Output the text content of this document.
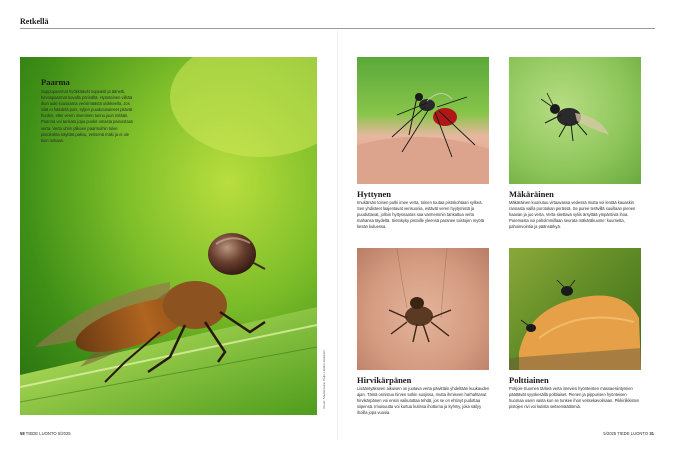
Retkellä
Paarma
Suppupaarmat hyökkäävät nopeasti ja äänetti, hevospaarmat kovalla pörinällä. Hyönteinen viiltää ihon auki suusaarna verisimäästä ulokkeella. Jos siitä ei häädetä pois, syljen puudutusaineet pitävät huolen, ettei veren imeminen tunnu juuri mitään. Paarma voi tankata jopa puolet omasta painostaan verta. Verta uhrin jälkeen paarmoihin tulee pistokohta näyttää paksu, verisenä mäki ja ei ole kuin onkaan.
Kuvat: Shutterstock, Paljo, Heikki Hokkanen
Hyttynen
Imukärsän toinen putki imee verta, toinen tuutaa pistokohtaan sylkeä. Sen yhdisteet laajentavat verisuonia, estävät veren hyytymistä ja puuduttavat, jolloin hyttysnaaras saa varmemmin tankattua verta mahansa täydeltä. Sietokyky pistoille yleensä paranee toistojen myötä kesän kuluessa.
Mäkäräinen
Mäkäräinen kuoriutuu virtaavassa vedessä mutta voi lentää kauaskin rannasta vailla porotokan perässä. Se puree terävillä suuillaan pienen haavan ja juo verta. Verta sitettava syliis ärsyttää ympäröiviä ihoa. Puremasta voi paholmmillaan seurata mäkäräkuume: kuumetta, pahoinvointia ja päänsärkyä.
Hirvikärpänen
Lisääntyäkseen aikuisen on juotava verta päivittäin yhdeltään kuukauden ajan. Tämä onnistuu hirven turkin suojissa, mutta ihmiseen harhahtanut hirvikärpänen voi ensin vaikututtaa tehdä, jos se on ehtinyt pudottaa siipensä. Imuisuutta voi kurtua kutinsa ihottuma ja kyhmy, joka säilyy ihoilla jopa vuosia.
Polttiainen
Pohjois-Suomen tärkeä verta imevien hyönteisten massaesiintymien päättävät syyskesällä polttiaiset. Pienen ja pippurisen hyönteisen huomaa usein vasta kun se tunkee ihon veitsekavoilsaan. Pikkiriikkisten pistojen rivi voi kutista seitsemäättömiä.
58 TIEDE LUONTO 5/2025	5/2025 TIEDE LUONTO 31
